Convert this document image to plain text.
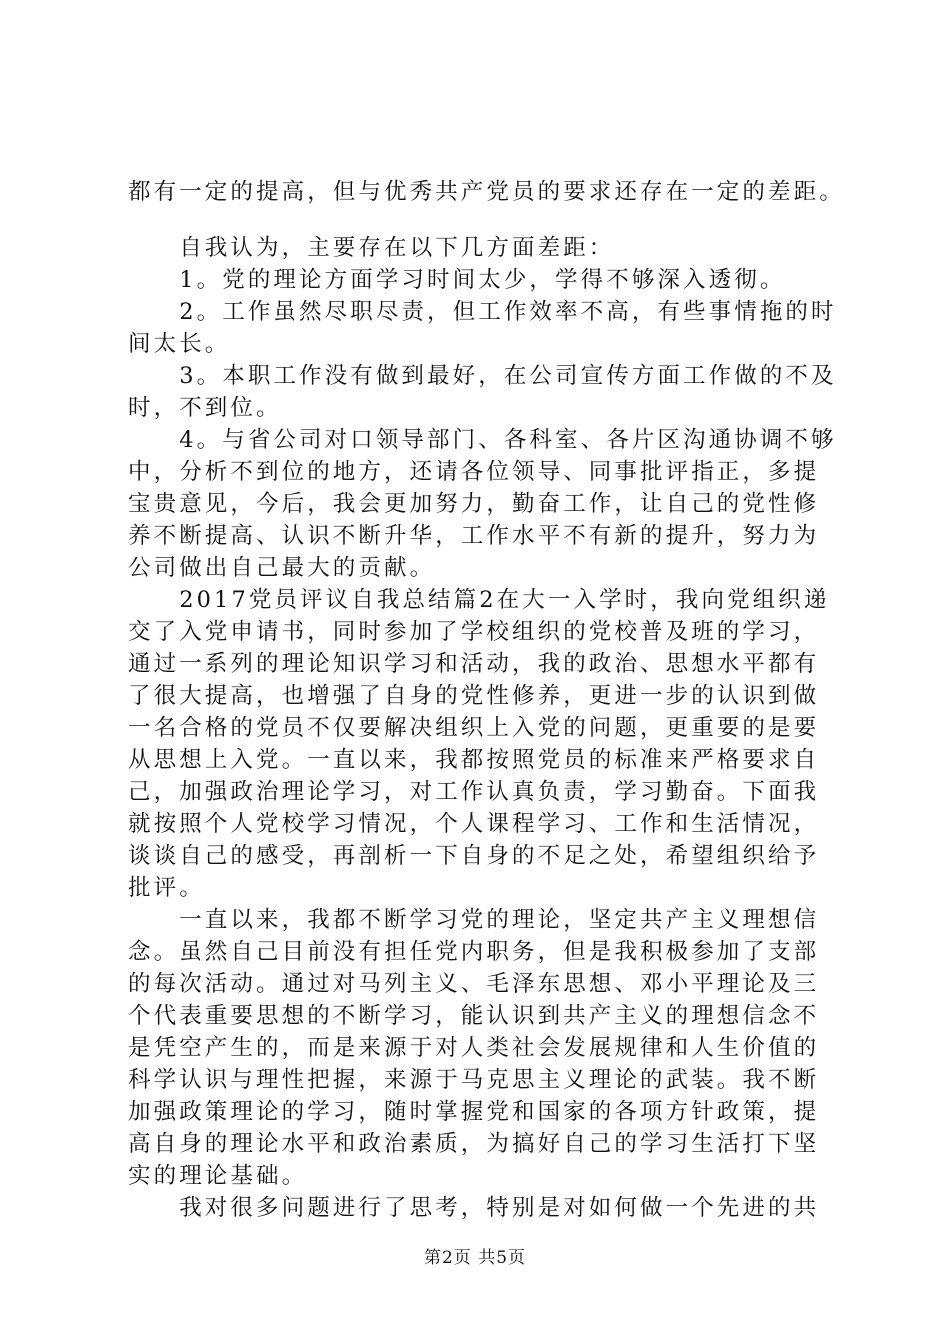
都有一定的提高，但与优秀共产党员的要求还存在一定的差距。
　　自我认为，主要存在以下几方面差距：
　　1。党的理论方面学习时间太少，学得不够深入透彻。
　　2。工作虽然尽职尽责，但工作效率不高，有些事情拖的时
间太长。
　　3。本职工作没有做到最好，在公司宣传方面工作做的不及
时，不到位。
　　4。与省公司对口领导部门、各科室、各片区沟通协调不够
中，分析不到位的地方，还请各位领导、同事批评指正，多提
宝贵意见，今后，我会更加努力，勤奋工作，让自己的党性修
养不断提高、认识不断升华，工作水平不有新的提升，努力为
公司做出自己最大的贡献。
　　2017党员评议自我总结篇2在大一入学时，我向党组织递
交了入党申请书，同时参加了学校组织的党校普及班的学习，
通过一系列的理论知识学习和活动，我的政治、思想水平都有
了很大提高，也增强了自身的党性修养，更进一步的认识到做
一名合格的党员不仅要解决组织上入党的问题，更重要的是要
从思想上入党。一直以来，我都按照党员的标准来严格要求自
己，加强政治理论学习，对工作认真负责，学习勤奋。下面我
就按照个人党校学习情况，个人课程学习、工作和生活情况，
谈谈自己的感受，再剖析一下自身的不足之处，希望组织给予
批评。
　　一直以来，我都不断学习党的理论，坚定共产主义理想信
念。虽然自己目前没有担任党内职务，但是我积极参加了支部
的每次活动。通过对马列主义、毛泽东思想、邓小平理论及三
个代表重要思想的不断学习，能认识到共产主义的理想信念不
是凭空产生的，而是来源于对人类社会发展规律和人生价值的
科学认识与理性把握，来源于马克思主义理论的武装。我不断
加强政策理论的学习，随时掌握党和国家的各项方针政策，提
高自身的理论水平和政治素质，为搞好自己的学习生活打下坚
实的理论基础。
　　我对很多问题进行了思考，特别是对如何做一个先进的共
第2页 共5页
